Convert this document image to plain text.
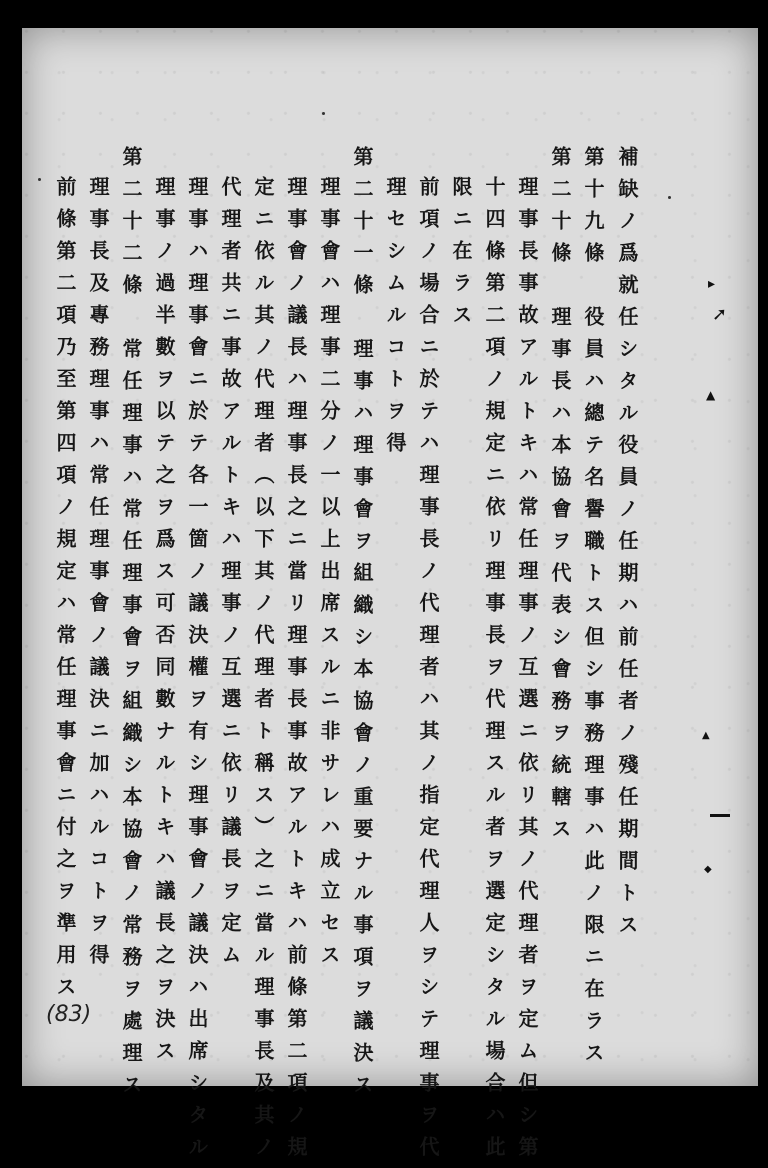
▸
➚
▲
▲
◆
補缺ノ爲就任シタル役員ノ任期ハ前任者ノ殘任期間トス
第十九條　役員ハ總テ名譽職トス但シ事務理事ハ此ノ限ニ在ラス
第二十條　理事長ハ本協會ヲ代表シ會務ヲ統轄ス
理事長事故アルトキハ常任理事ノ互選ニ依リ其ノ代理者ヲ定ム但シ第
十四條第二項ノ規定ニ依リ理事長ヲ代理スル者ヲ選定シタル場合ハ此
限ニ在ラス
前項ノ場合ニ於テハ理事長ノ代理者ハ其ノ指定代理人ヲシテ理事ヲ代
理セシムルコトヲ得
第二十一條　理事ハ理事會ヲ組織シ本協會ノ重要ナル事項ヲ議決ス
理事會ハ理事二分ノ一以上出席スルニ非サレハ成立セス
理事會ノ議長ハ理事長之ニ當リ理事長事故アルトキハ前條第二項ノ規
定ニ依ル其ノ代理者（以下其ノ代理者ト稱ス）之ニ當ル理事長及其ノ
代理者共ニ事故アルトキハ理事ノ互選ニ依リ議長ヲ定ム
理事ハ理事會ニ於テ各一箇ノ議決權ヲ有シ理事會ノ議決ハ出席シタル
理事ノ過半數ヲ以テ之ヲ爲ス可否同數ナルトキハ議長之ヲ決ス
第二十二條　常任理事ハ常任理事會ヲ組織シ本協會ノ常務ヲ處理ス
理事長及專務理事ハ常任理事會ノ議決ニ加ハルコトヲ得
前條第二項乃至第四項ノ規定ハ常任理事會ニ付之ヲ準用ス
(83)
